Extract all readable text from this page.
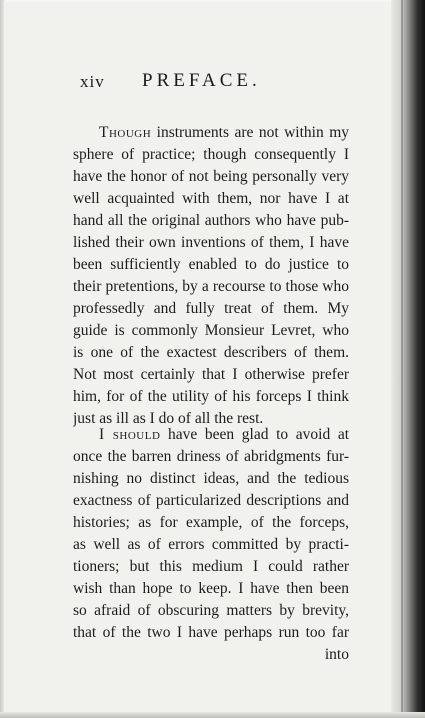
xiv PREFACE.
Though instruments are not within my
sphere of practice; though consequently I
have the honor of not being personally very
well acquainted with them, nor have I at
hand all the original authors who have pub-
lished their own inventions of them, I have
been sufficiently enabled to do justice to
their pretentions, by a recourse to those who
professedly and fully treat of them. My
guide is commonly Monsieur Levret, who
is one of the exactest describers of them.
Not most certainly that I otherwise prefer
him, for of the utility of his forceps I think
just as ill as I do of all the rest.
I should have been glad to avoid at
once the barren driness of abridgments fur-
nishing no distinct ideas, and the tedious
exactness of particularized descriptions and
histories; as for example, of the forceps,
as well as of errors committed by practi-
tioners; but this medium I could rather
wish than hope to keep. I have then been
so afraid of obscuring matters by brevity,
that of the two I have perhaps run too far
into
